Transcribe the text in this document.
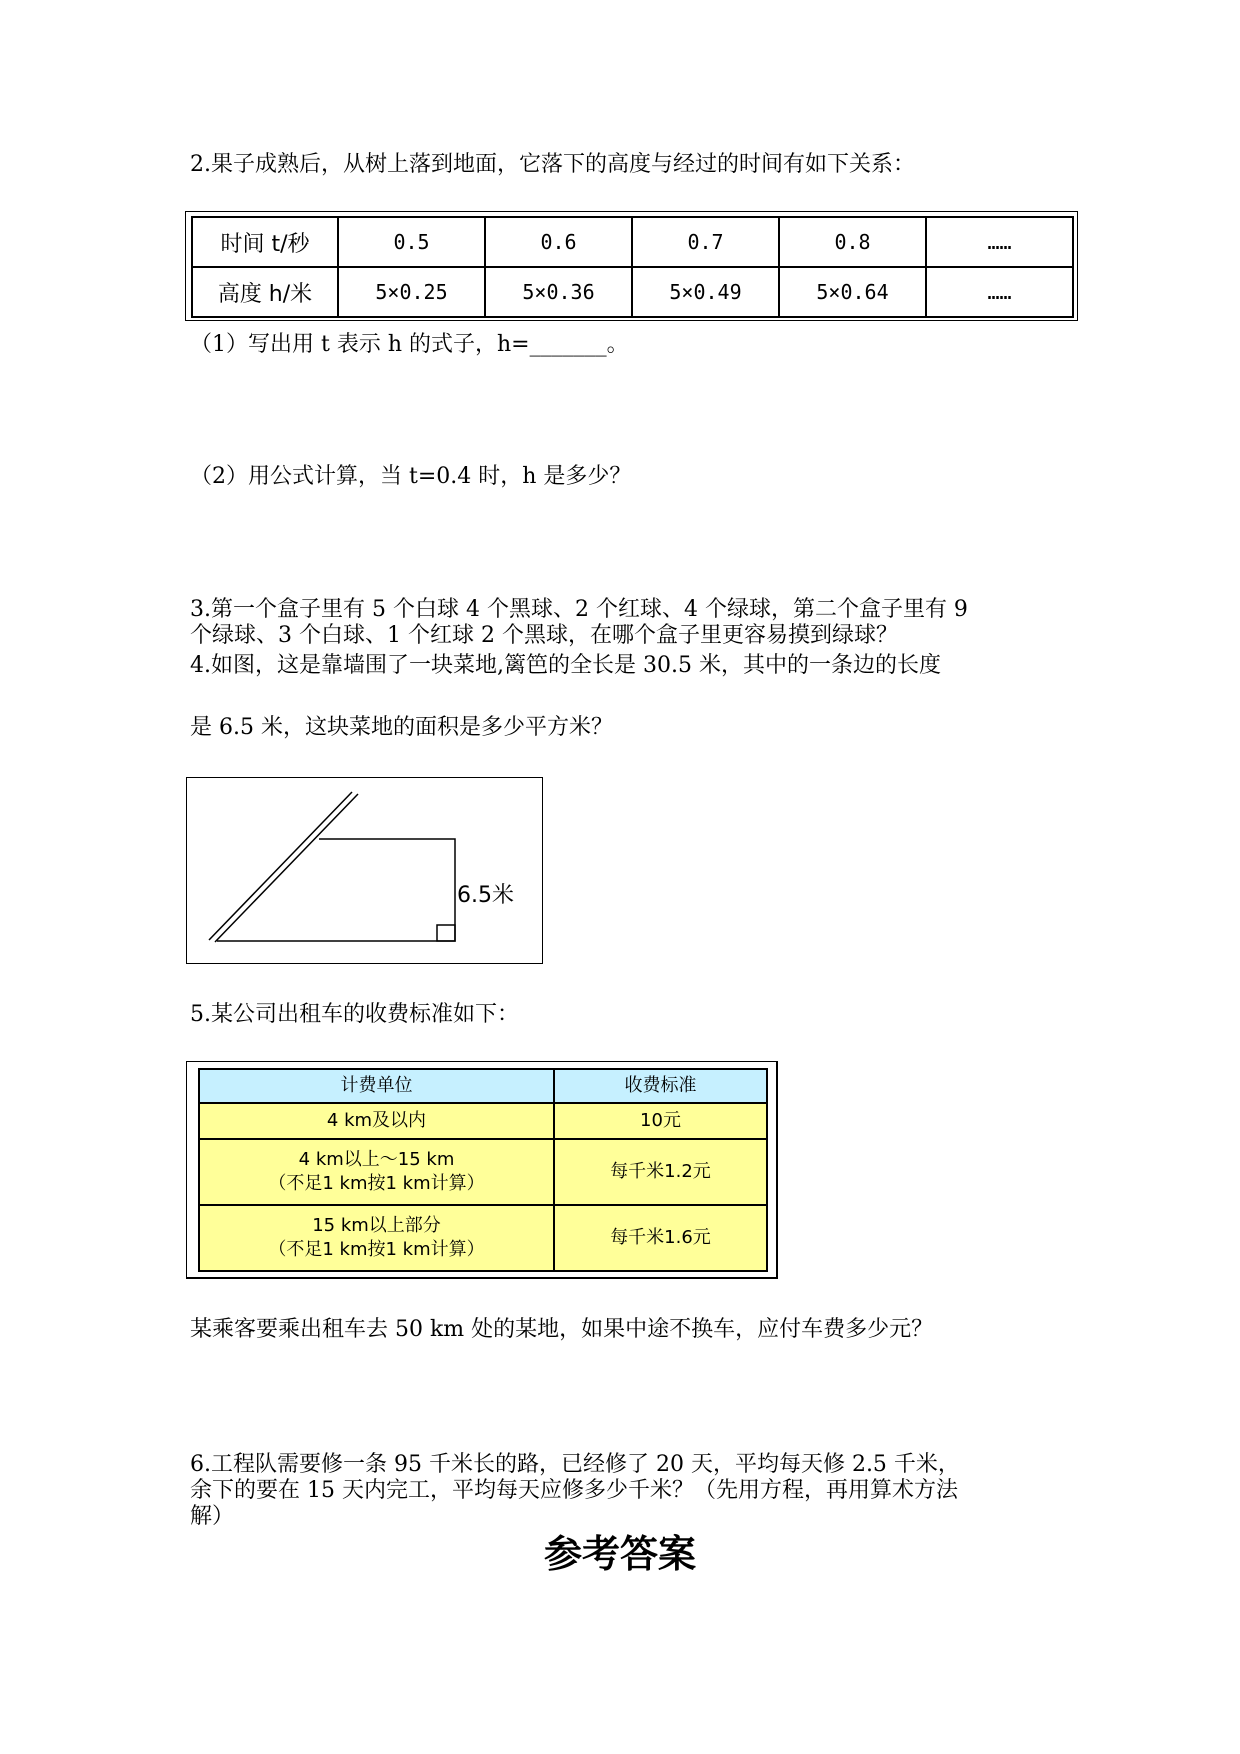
2.果子成熟后，从树上落到地面，它落下的高度与经过的时间有如下关系：

时间 t/秒	0.5	0.6	0.7	0.8	……
高度 h/米	5×0.25	5×0.36	5×0.49	5×0.64	……

（1）写出用 t 表示 h 的式子，h=_______。

（2）用公式计算，当 t=0.4 时，h 是多少？

3.第一个盒子里有 5 个白球 4 个黑球、2 个红球、4 个绿球，第二个盒子里有 9

个绿球、3 个白球、1 个红球 2 个黑球，在哪个盒子里更容易摸到绿球？

4.如图，这是靠墙围了一块菜地,篱笆的全长是 30.5 米，其中的一条边的长度

是 6.5 米，这块菜地的面积是多少平方米？

6.5米

5.某公司出租车的收费标准如下：

计费单位	收费标准
4 km及以内	10元

4 km以上～15 km
（不足1 km按1 km计算）	每千米1.2元

15 km以上部分
（不足1 km按1 km计算）	每千米1.6元

某乘客要乘出租车去 50 km 处的某地，如果中途不换车，应付车费多少元？

6.工程队需要修一条 95 千米长的路，已经修了 20 天，平均每天修 2.5 千米，

余下的要在 15 天内完工，平均每天应修多少千米？（先用方程，再用算术方法

解）

参考答案
